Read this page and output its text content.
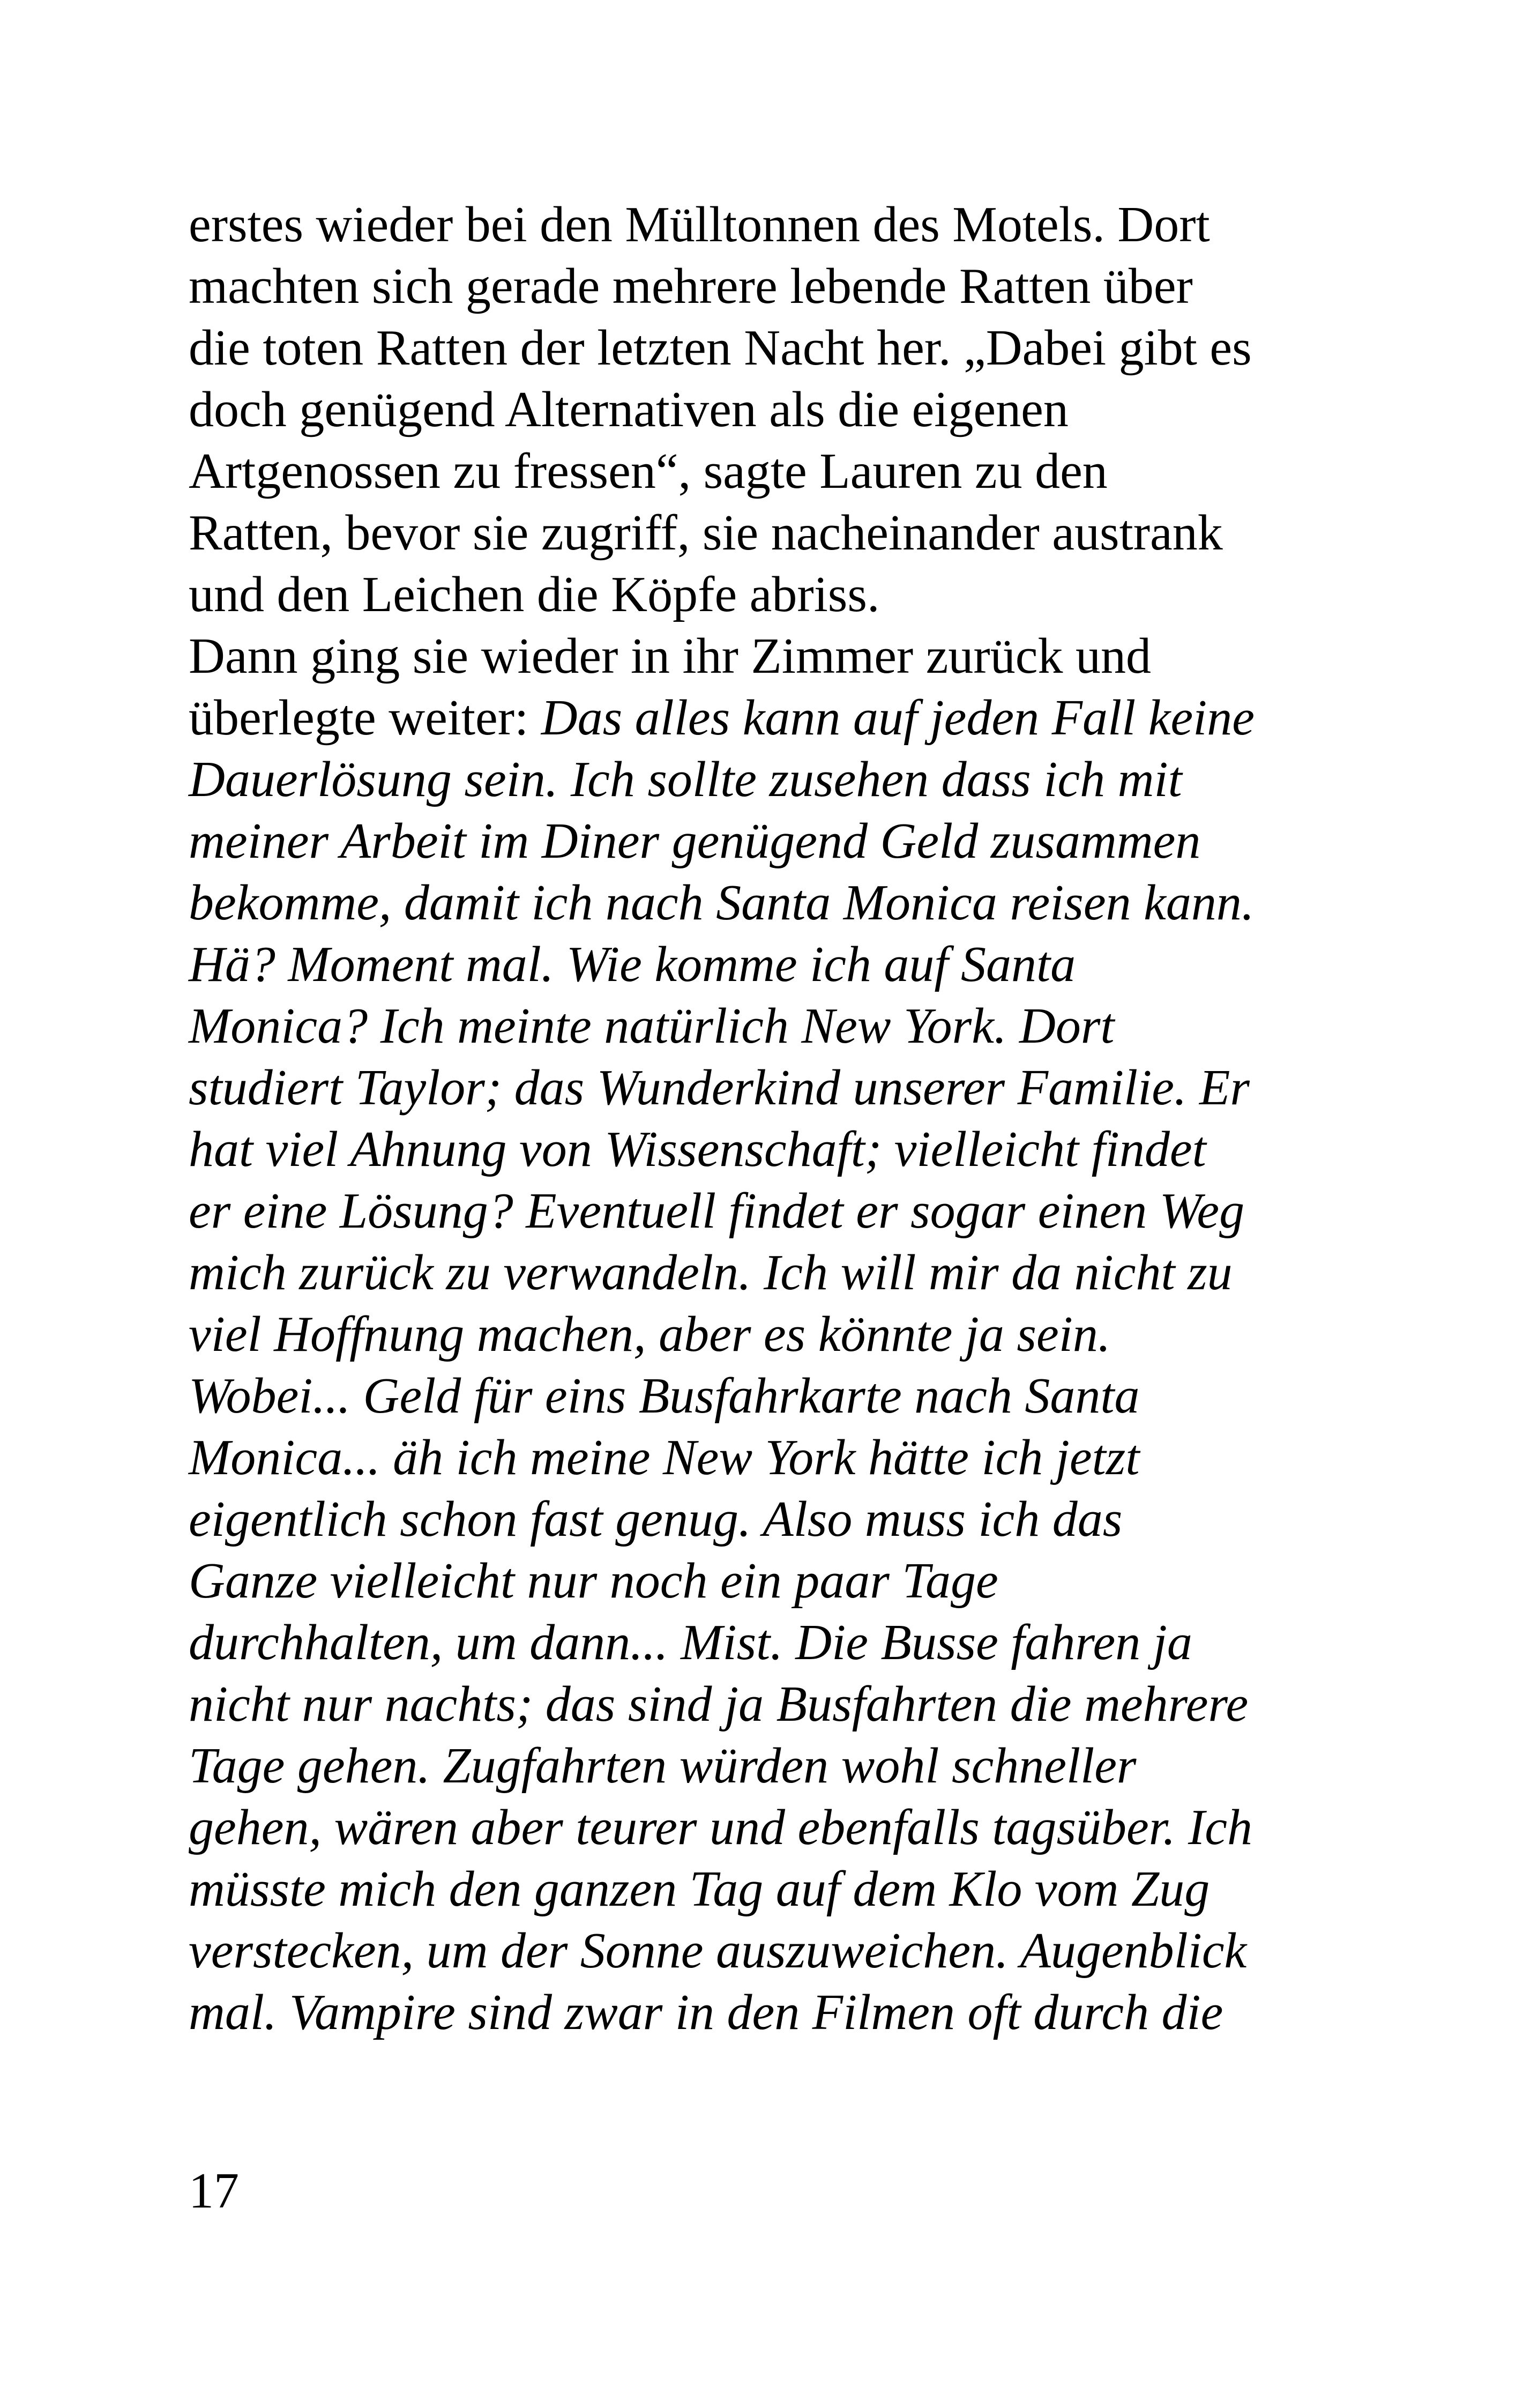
erstes wieder bei den Mülltonnen des Motels. Dort
machten sich gerade mehrere lebende Ratten über
die toten Ratten der letzten Nacht her. „Dabei gibt es
doch genügend Alternativen als die eigenen
Artgenossen zu fressen“, sagte Lauren zu den
Ratten, bevor sie zugriff, sie nacheinander austrank
und den Leichen die Köpfe abriss.
Dann ging sie wieder in ihr Zimmer zurück und
überlegte weiter: Das alles kann auf jeden Fall keine
Dauerlösung sein. Ich sollte zusehen dass ich mit
meiner Arbeit im Diner genügend Geld zusammen
bekomme, damit ich nach Santa Monica reisen kann.
Hä? Moment mal. Wie komme ich auf Santa
Monica? Ich meinte natürlich New York. Dort
studiert Taylor; das Wunderkind unserer Familie. Er
hat viel Ahnung von Wissenschaft; vielleicht findet
er eine Lösung? Eventuell findet er sogar einen Weg
mich zurück zu verwandeln. Ich will mir da nicht zu
viel Hoffnung machen, aber es könnte ja sein.
Wobei... Geld für eins Busfahrkarte nach Santa
Monica... äh ich meine New York hätte ich jetzt
eigentlich schon fast genug. Also muss ich das
Ganze vielleicht nur noch ein paar Tage
durchhalten, um dann... Mist. Die Busse fahren ja
nicht nur nachts; das sind ja Busfahrten die mehrere
Tage gehen. Zugfahrten würden wohl schneller
gehen, wären aber teurer und ebenfalls tagsüber. Ich
müsste mich den ganzen Tag auf dem Klo vom Zug
verstecken, um der Sonne auszuweichen. Augenblick
mal. Vampire sind zwar in den Filmen oft durch die
17
